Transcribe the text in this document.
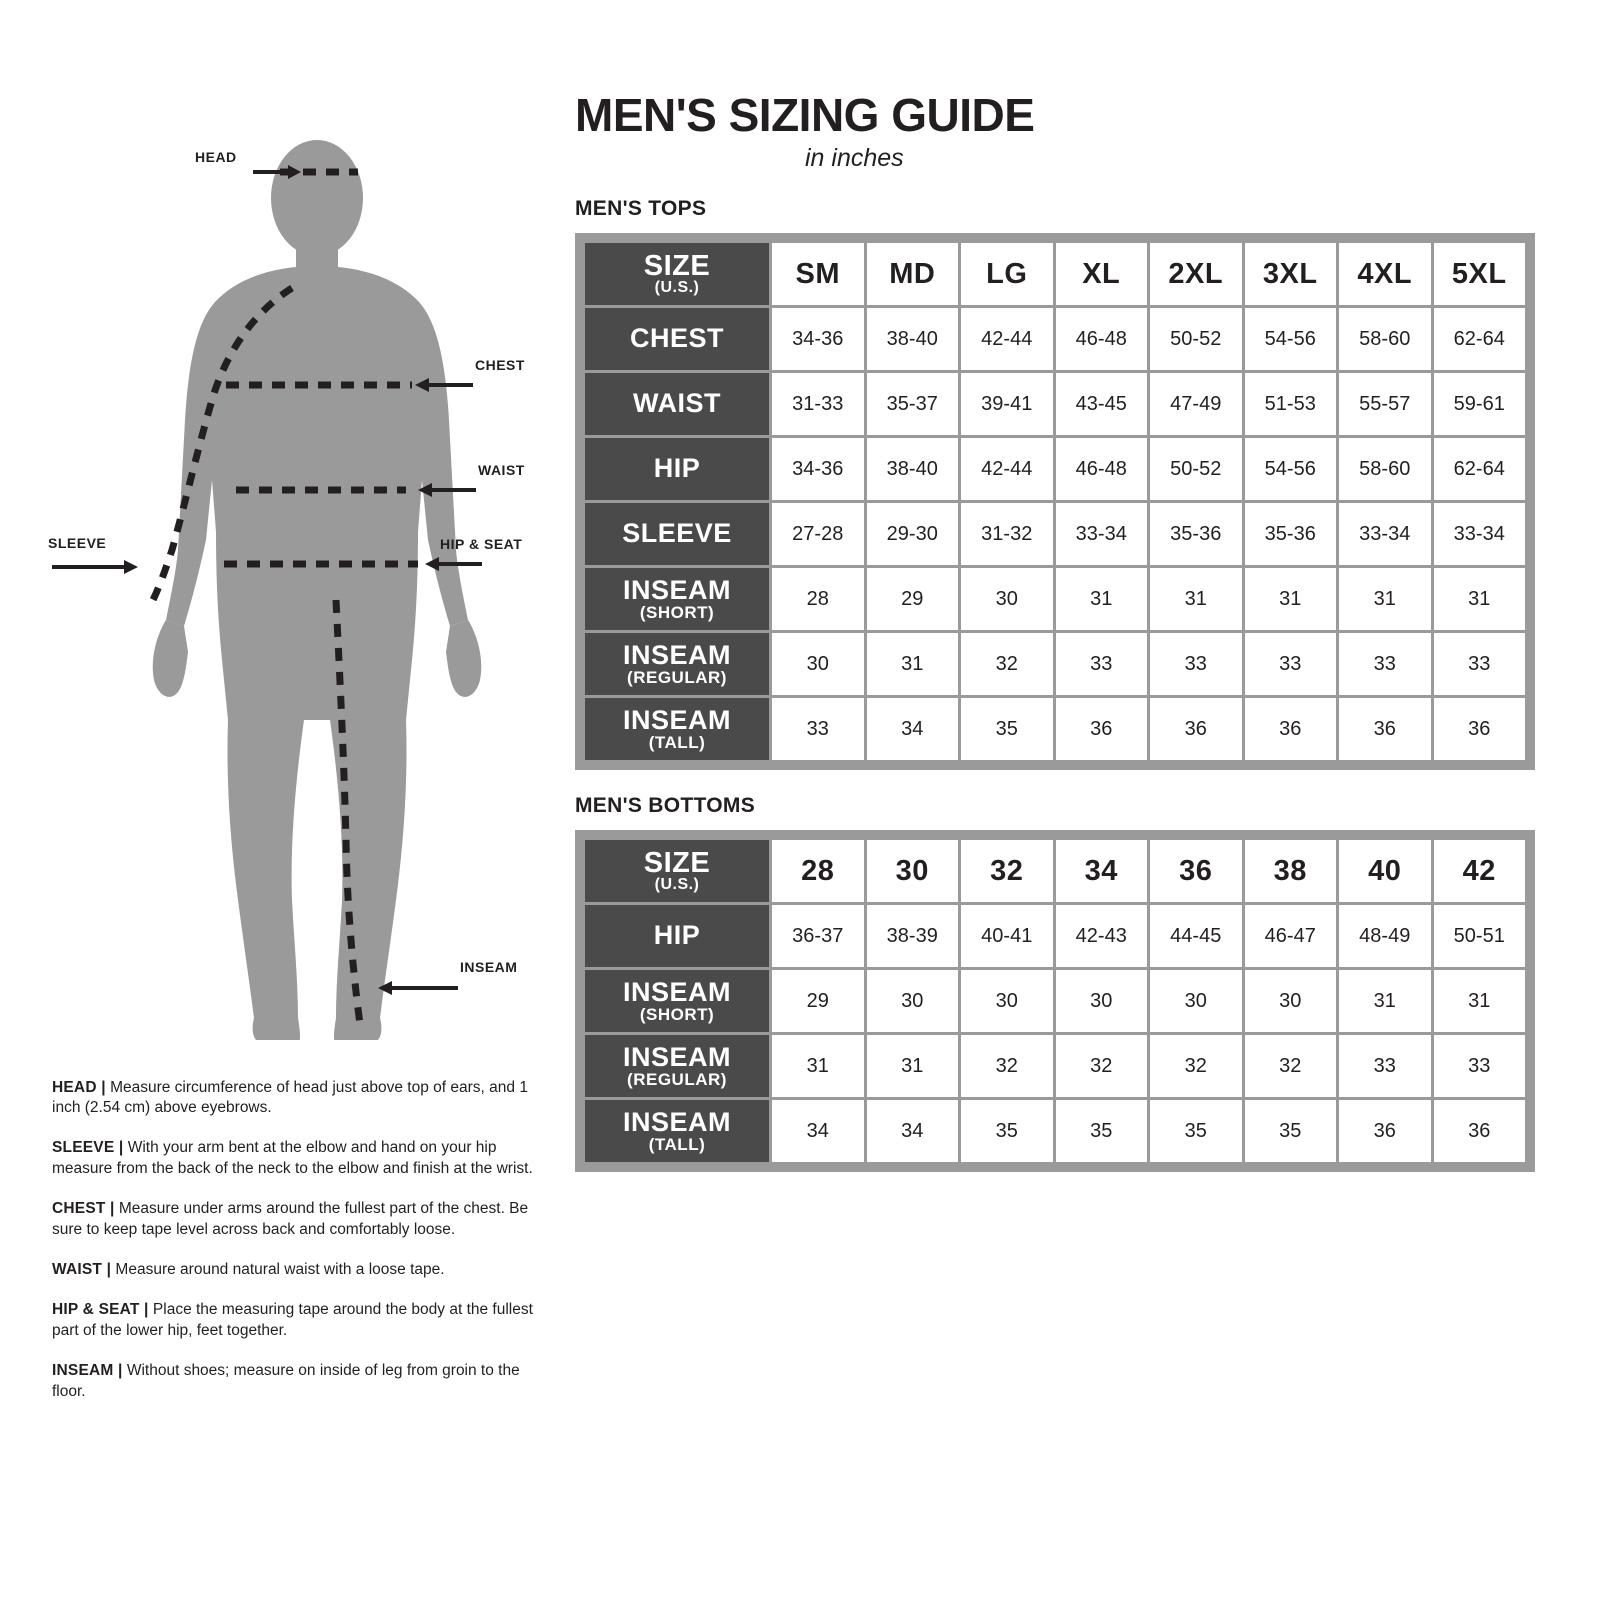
HEAD
CHEST
WAIST
HIP & SEAT
SLEEVE
INSEAM

HEAD | Measure circumference of head just above top of ears, and 1 inch (2.54 cm) above eyebrows.

SLEEVE | With your arm bent at the elbow and hand on your hip measure from the back of the neck to the elbow and finish at the wrist.

CHEST | Measure under arms around the fullest part of the chest. Be sure to keep tape level across back and comfortably loose.

WAIST | Measure around natural waist with a loose tape.

HIP & SEAT | Place the measuring tape around the body at the fullest part of the lower hip, feet together.

INSEAM | Without shoes; measure on inside of leg from groin to the floor.

MEN'S SIZING GUIDE

in inches

MEN'S TOPS
SIZE
(U.S.)	SM	MD	LG	XL	2XL	3XL	4XL	5XL
CHEST	34-36	38-40	42-44	46-48	50-52	54-56	58-60	62-64
WAIST	31-33	35-37	39-41	43-45	47-49	51-53	55-57	59-61
HIP	34-36	38-40	42-44	46-48	50-52	54-56	58-60	62-64
SLEEVE	27-28	29-30	31-32	33-34	35-36	35-36	33-34	33-34
INSEAM
(SHORT)	28	29	30	31	31	31	31	31
INSEAM
(REGULAR)	30	31	32	33	33	33	33	33
INSEAM
(TALL)	33	34	35	36	36	36	36	36
MEN'S BOTTOMS
SIZE
(U.S.)	28	30	32	34	36	38	40	42
HIP	36-37	38-39	40-41	42-43	44-45	46-47	48-49	50-51
INSEAM
(SHORT)	29	30	30	30	30	30	31	31
INSEAM
(REGULAR)	31	31	32	32	32	32	33	33
INSEAM
(TALL)	34	34	35	35	35	35	36	36
